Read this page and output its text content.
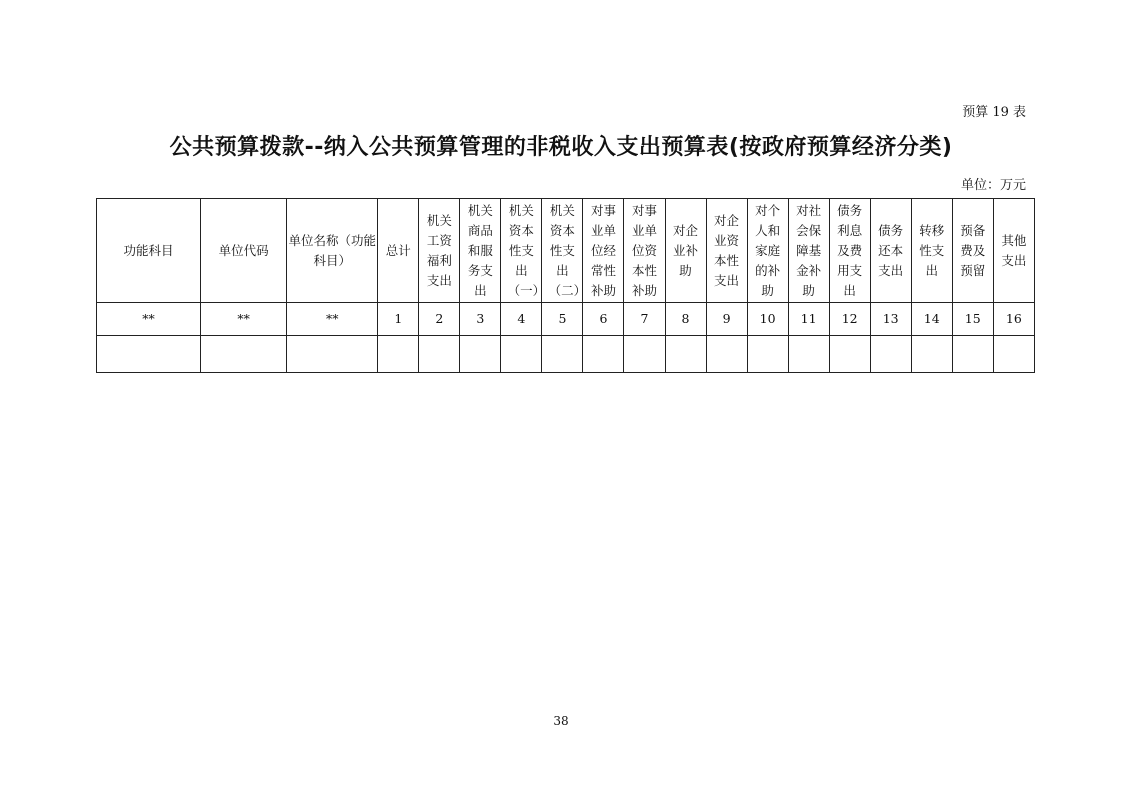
预算 19 表
公共预算拨款--纳入公共预算管理的非税收入支出预算表(按政府预算经济分类)
单位：万元
功能科目	单位代码	单位名称（功能科目）	总计	机关工资福利支出	机关商品和服务支出	机关资本性支出（一）	机关资本性支出（二）	对事业单位经常性补助	对事业单位资本性补助	对企业补助	对企业资本性支出	对个人和家庭的补助	对社会保障基金补助	债务利息及费用支出	债务还本支出	转移性支出	预备费及预留	其他支出
**	**	**	1	2	3	4	5	6	7	8	9	10	11	12	13	14	15	16

38
